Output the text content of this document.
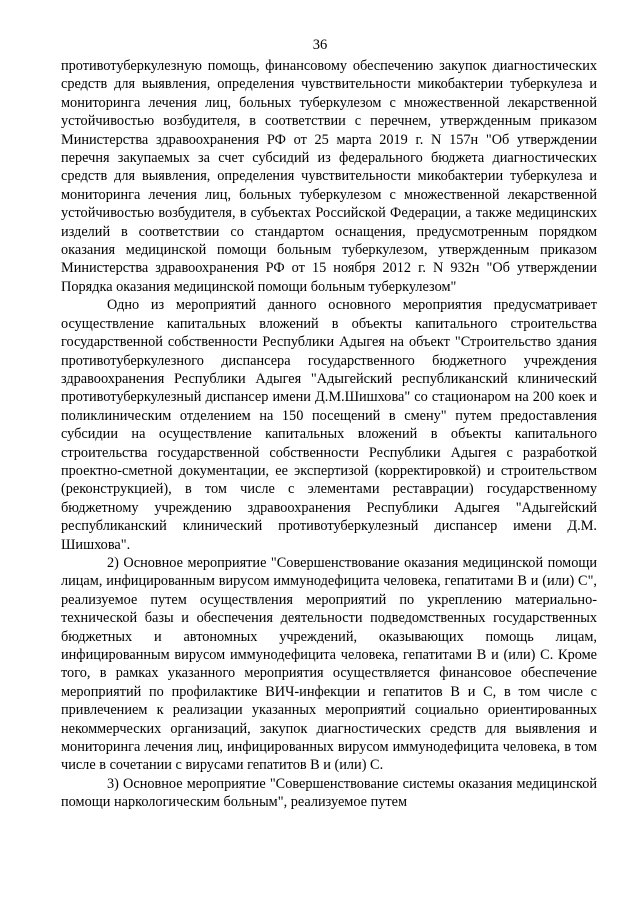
36

противотуберкулезную помощь, финансовому обеспечению закупок диагностических средств для выявления, определения чувствительности микобактерии туберкулеза и мониторинга лечения лиц, больных туберкулезом с множественной лекарственной устойчивостью возбудителя, в соответствии с перечнем, утвержденным приказом Министерства здравоохранения РФ от 25 марта 2019 г. N 157н "Об утверждении перечня закупаемых за счет субсидий из федерального бюджета диагностических средств для выявления, определения чувствительности микобактерии туберкулеза и мониторинга лечения лиц, больных туберкулезом с множественной лекарственной устойчивостью возбудителя, в субъектах Российской Федерации, а также медицинских изделий в соответствии со стандартом оснащения, предусмотренным порядком оказания медицинской помощи больным туберкулезом, утвержденным приказом Министерства здравоохранения РФ от 15 ноября 2012 г. N 932н "Об утверждении Порядка оказания медицинской помощи больным туберкулезом"

Одно из мероприятий данного основного мероприятия предусматривает осуществление капитальных вложений в объекты капитального строительства государственной собственности Республики Адыгея на объект "Строительство здания противотуберкулезного диспансера государственного бюджетного учреждения здравоохранения Республики Адыгея "Адыгейский республиканский клинический противотуберкулезный диспансер имени Д.М.Шишхова" со стационаром на 200 коек и поликлиническим отделением на 150 посещений в смену" путем предоставления субсидии на осуществление капитальных вложений в объекты капитального строительства государственной собственности Республики Адыгея с разработкой проектно-сметной документации, ее экспертизой (корректировкой) и строительством (реконструкцией), в том числе с элементами реставрации) государственному бюджетному учреждению здравоохранения Республики Адыгея "Адыгейский республиканский клинический противотуберкулезный диспансер имени Д.М. Шишхова".

2) Основное мероприятие "Совершенствование оказания медицинской помощи лицам, инфицированным вирусом иммунодефицита человека, гепатитами В и (или) С", реализуемое путем осуществления мероприятий по укреплению материально-технической базы и обеспечения деятельности подведомственных государственных бюджетных и автономных учреждений, оказывающих помощь лицам, инфицированным вирусом иммунодефицита человека, гепатитами В и (или) С. Кроме того, в рамках указанного мероприятия осуществляется финансовое обеспечение мероприятий по профилактике ВИЧ-инфекции и гепатитов В и С, в том числе с привлечением к реализации указанных мероприятий социально ориентированных некоммерческих организаций, закупок диагностических средств для выявления и мониторинга лечения лиц, инфицированных вирусом иммунодефицита человека, в том числе в сочетании с вирусами гепатитов В и (или) С.

3) Основное мероприятие "Совершенствование системы оказания медицинской помощи наркологическим больным", реализуемое путем
